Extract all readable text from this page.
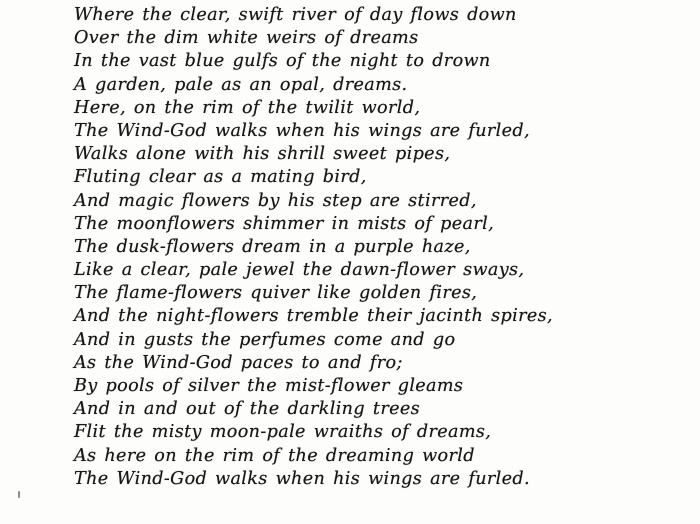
Where the clear, swift river of day flows down
Over the dim white weirs of dreams
In the vast blue gulfs of the night to drown
A garden, pale as an opal, dreams.
Here, on the rim of the twilit world,
The Wind-God walks when his wings are furled,
Walks alone with his shrill sweet pipes,
Fluting clear as a mating bird,
And magic flowers by his step are stirred,
The moonflowers shimmer in mists of pearl,
The dusk-flowers dream in a purple haze,
Like a clear, pale jewel the dawn-flower sways,
The flame-flowers quiver like golden fires,
And the night-flowers tremble their jacinth spires,
And in gusts the perfumes come and go
As the Wind-God paces to and fro;
By pools of silver the mist-flower gleams
And in and out of the darkling trees
Flit the misty moon-pale wraiths of dreams,
As here on the rim of the dreaming world
The Wind-God walks when his wings are furled.
